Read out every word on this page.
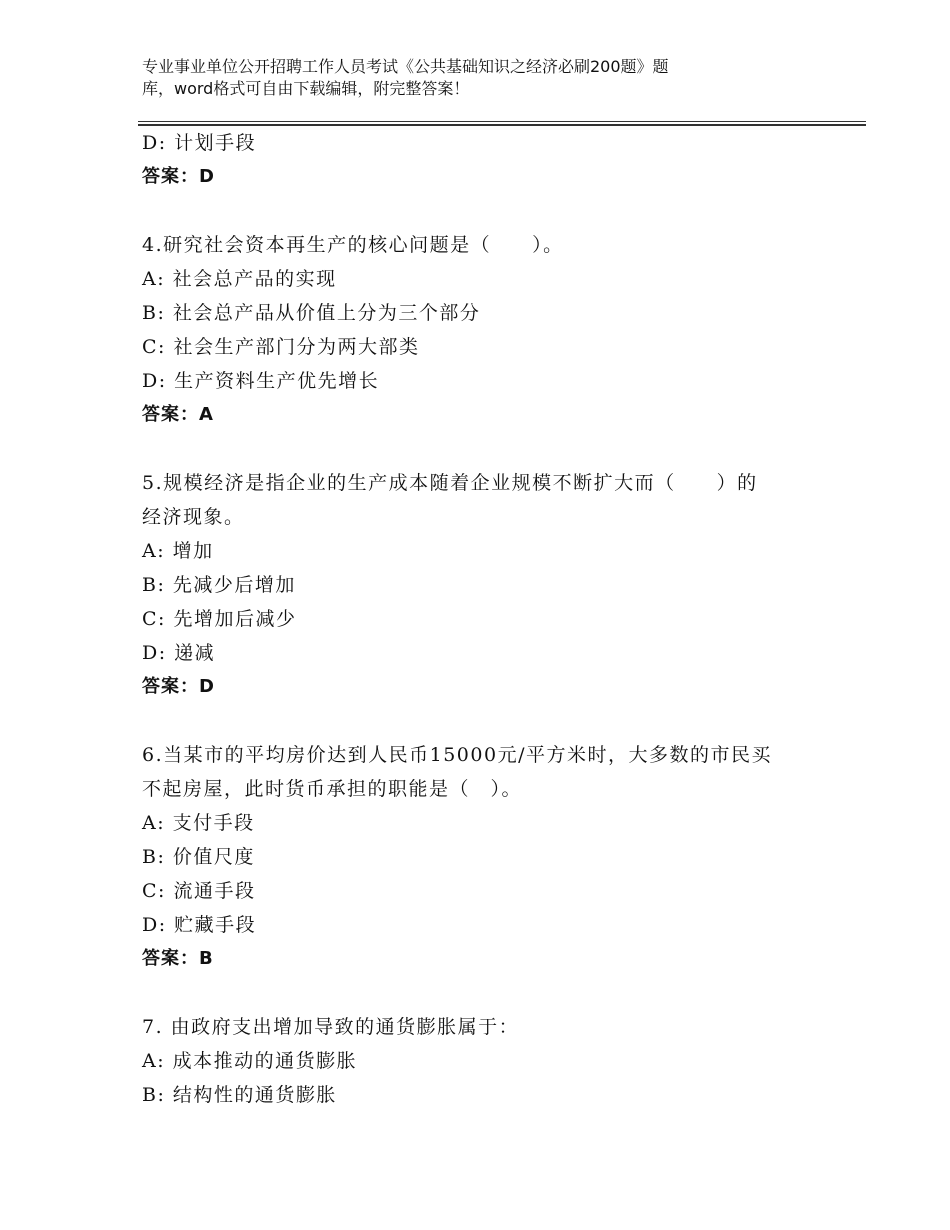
专业事业单位公开招聘工作人员考试《公共基础知识之经济必刷200题》题
库，word格式可自由下载编辑，附完整答案！
D: 计划手段
答案：D
4.研究社会资本再生产的核心问题是（　　）。
A: 社会总产品的实现
B: 社会总产品从价值上分为三个部分
C: 社会生产部门分为两大部类
D: 生产资料生产优先增长
答案：A
5.规模经济是指企业的生产成本随着企业规模不断扩大而（　　）的
经济现象。
A: 增加
B: 先减少后增加
C: 先增加后减少
D: 递减
答案：D
6.当某市的平均房价达到人民币15000元/平方米时，大多数的市民买
不起房屋，此时货币承担的职能是（　）。
A: 支付手段
B: 价值尺度
C: 流通手段
D: 贮藏手段
答案：B
7. 由政府支出增加导致的通货膨胀属于：
A: 成本推动的通货膨胀
B: 结构性的通货膨胀
